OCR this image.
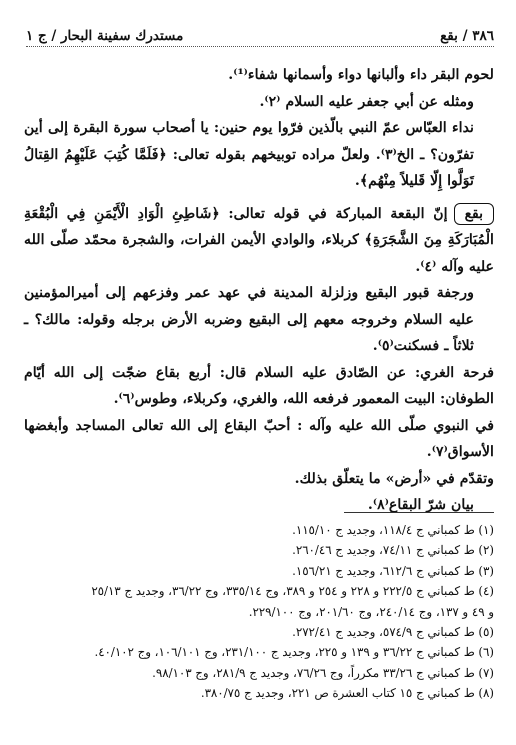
مستدرك سفينة البحار / ج ١	٣٨٦ / بقع

لحوم البقر داء وألبانها دواء وأسمانها شفاء⁽¹⁾.

ومثله عن أبي جعفر عليه السلام ⁽٢⁾.

نداء العبّاس عمّ النبي بالّذين فرّوا يوم حنين: يا أصحاب سورة البقرة إلى أين تفرّون؟ ـ الخ⁽٣⁾. ولعلّ مراده توبيخهم بقوله تعالى: ﴿فَلَمَّا كُتِبَ عَلَيْهِمُ القِتالُ تَوَلَّوا إِلّا قَليلاً مِنْهُم﴾.

بقعإنّ البقعة المباركة في قوله تعالى: ﴿شَاطِئِ الْوَادِ الْأَيْمَنِ فِي الْبُقْعَةِ الْمُبَارَكَةِ مِنَ الشَّجَرَةِ﴾ كربلاء، والوادي الأيمن الفرات، والشجرة محمّد صلّى الله عليه وآله ⁽٤⁾.

ورجفة قبور البقيع وزلزلة المدينة في عهد عمر وفزعهم إلى أميرالمؤمنين عليه السلام وخروجه معهم إلى البقيع وضربه الأرض برجله وقوله: مالك؟ ـ ثلاثاً ـ فسكنت⁽٥⁾.

فرحة الغري: عن الصّادق عليه السلام قال: أربع بقاع ضجّت إلى الله أيّام الطوفان: البيت المعمور فرفعه الله، والغري، وكربلاء، وطوس⁽٦⁾.

في النبوي صلّى الله عليه وآله : أحبّ البقاع إلى الله تعالى المساجد وأبغضها الأسواق⁽٧⁾.

وتقدّم في «أرض» ما يتعلّق بذلك.

بيان شرّ البقاع⁽٨⁾.

(١) ط كمباني ج ١١٨/٤، وجديد ج ١١٥/١٠.
(٢) ط كمباني ج ٧٤/١١، وجديد ج ٢٦٠/٤٦.
(٣) ط كمباني ج ٦١٢/٦، وجديد ج ١٥٦/٢١.
(٤) ط كمباني ج ٢٢٢/٥ و ٢٢٨ و ٢٥٤ و ٣٨٩، وج ٣٣٥/١٤، وج ٣٦/٢٢، وجديد ج ٢٥/١٣
و ٤٩ و ١٣٧، وج ٢٤٠/١٤، وج ٢٠١/٦٠، وج ٢٢٩/١٠٠.
(٥) ط كمباني ج ٥٧٤/٩، وجديد ج ٢٧٢/٤١.
(٦) ط كمباني ج ٣٦/٢٢ و ١٣٩ و ٢٢٥، وجديد ج ٢٣١/١٠٠، وج ١٠٦/١٠١، وج ٤٠/١٠٢.
(٧) ط كمباني ج ٣٣/٢٦ مكرراً، وج ٧٦/٢٦، وجديد ج ٢٨١/٩، وج ٩٨/١٠٣.
(٨) ط كمباني ج ١٥ كتاب العشرة ص ٢٢١، وجديد ج ٣٨٠/٧٥.
